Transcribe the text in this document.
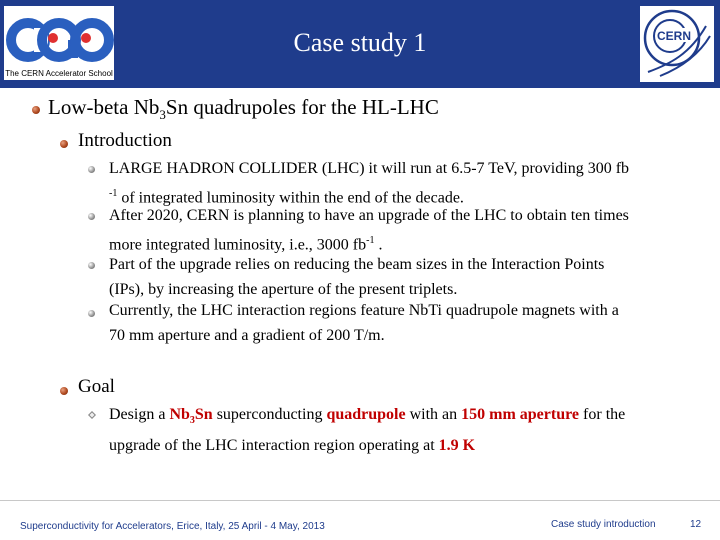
The CERN Accelerator School
Case study 1	CERN
Low-beta $Nb_3Sn$ quadrupoles for the HL-LHC
Introduction
LARGE HADRON COLLIDER (LHC) it will run at 6.5-7 TeV, providing 300 fb
$^{-1}$ of integrated luminosity within the end of the decade.
After 2020, CERN is planning to have an upgrade of the LHC to obtain ten times
more integrated luminosity, i.e., 3000 $fb^{-1}$ .
Part of the upgrade relies on reducing the beam sizes in the Interaction Points
(IPs), by increasing the aperture of the present triplets.
Currently, the LHC interaction regions feature NbTi quadrupole magnets with a
70 mm aperture and a gradient of 200 T/m.
Goal
Design a $Nb_3Sn$ superconducting quadrupole with an 150 mm aperture for the
upgrade of the LHC interaction region operating at 1.9 K
Superconductivity for Accelerators, Erice, Italy, 25 April - 4 May, 2013	Case study introduction	12
